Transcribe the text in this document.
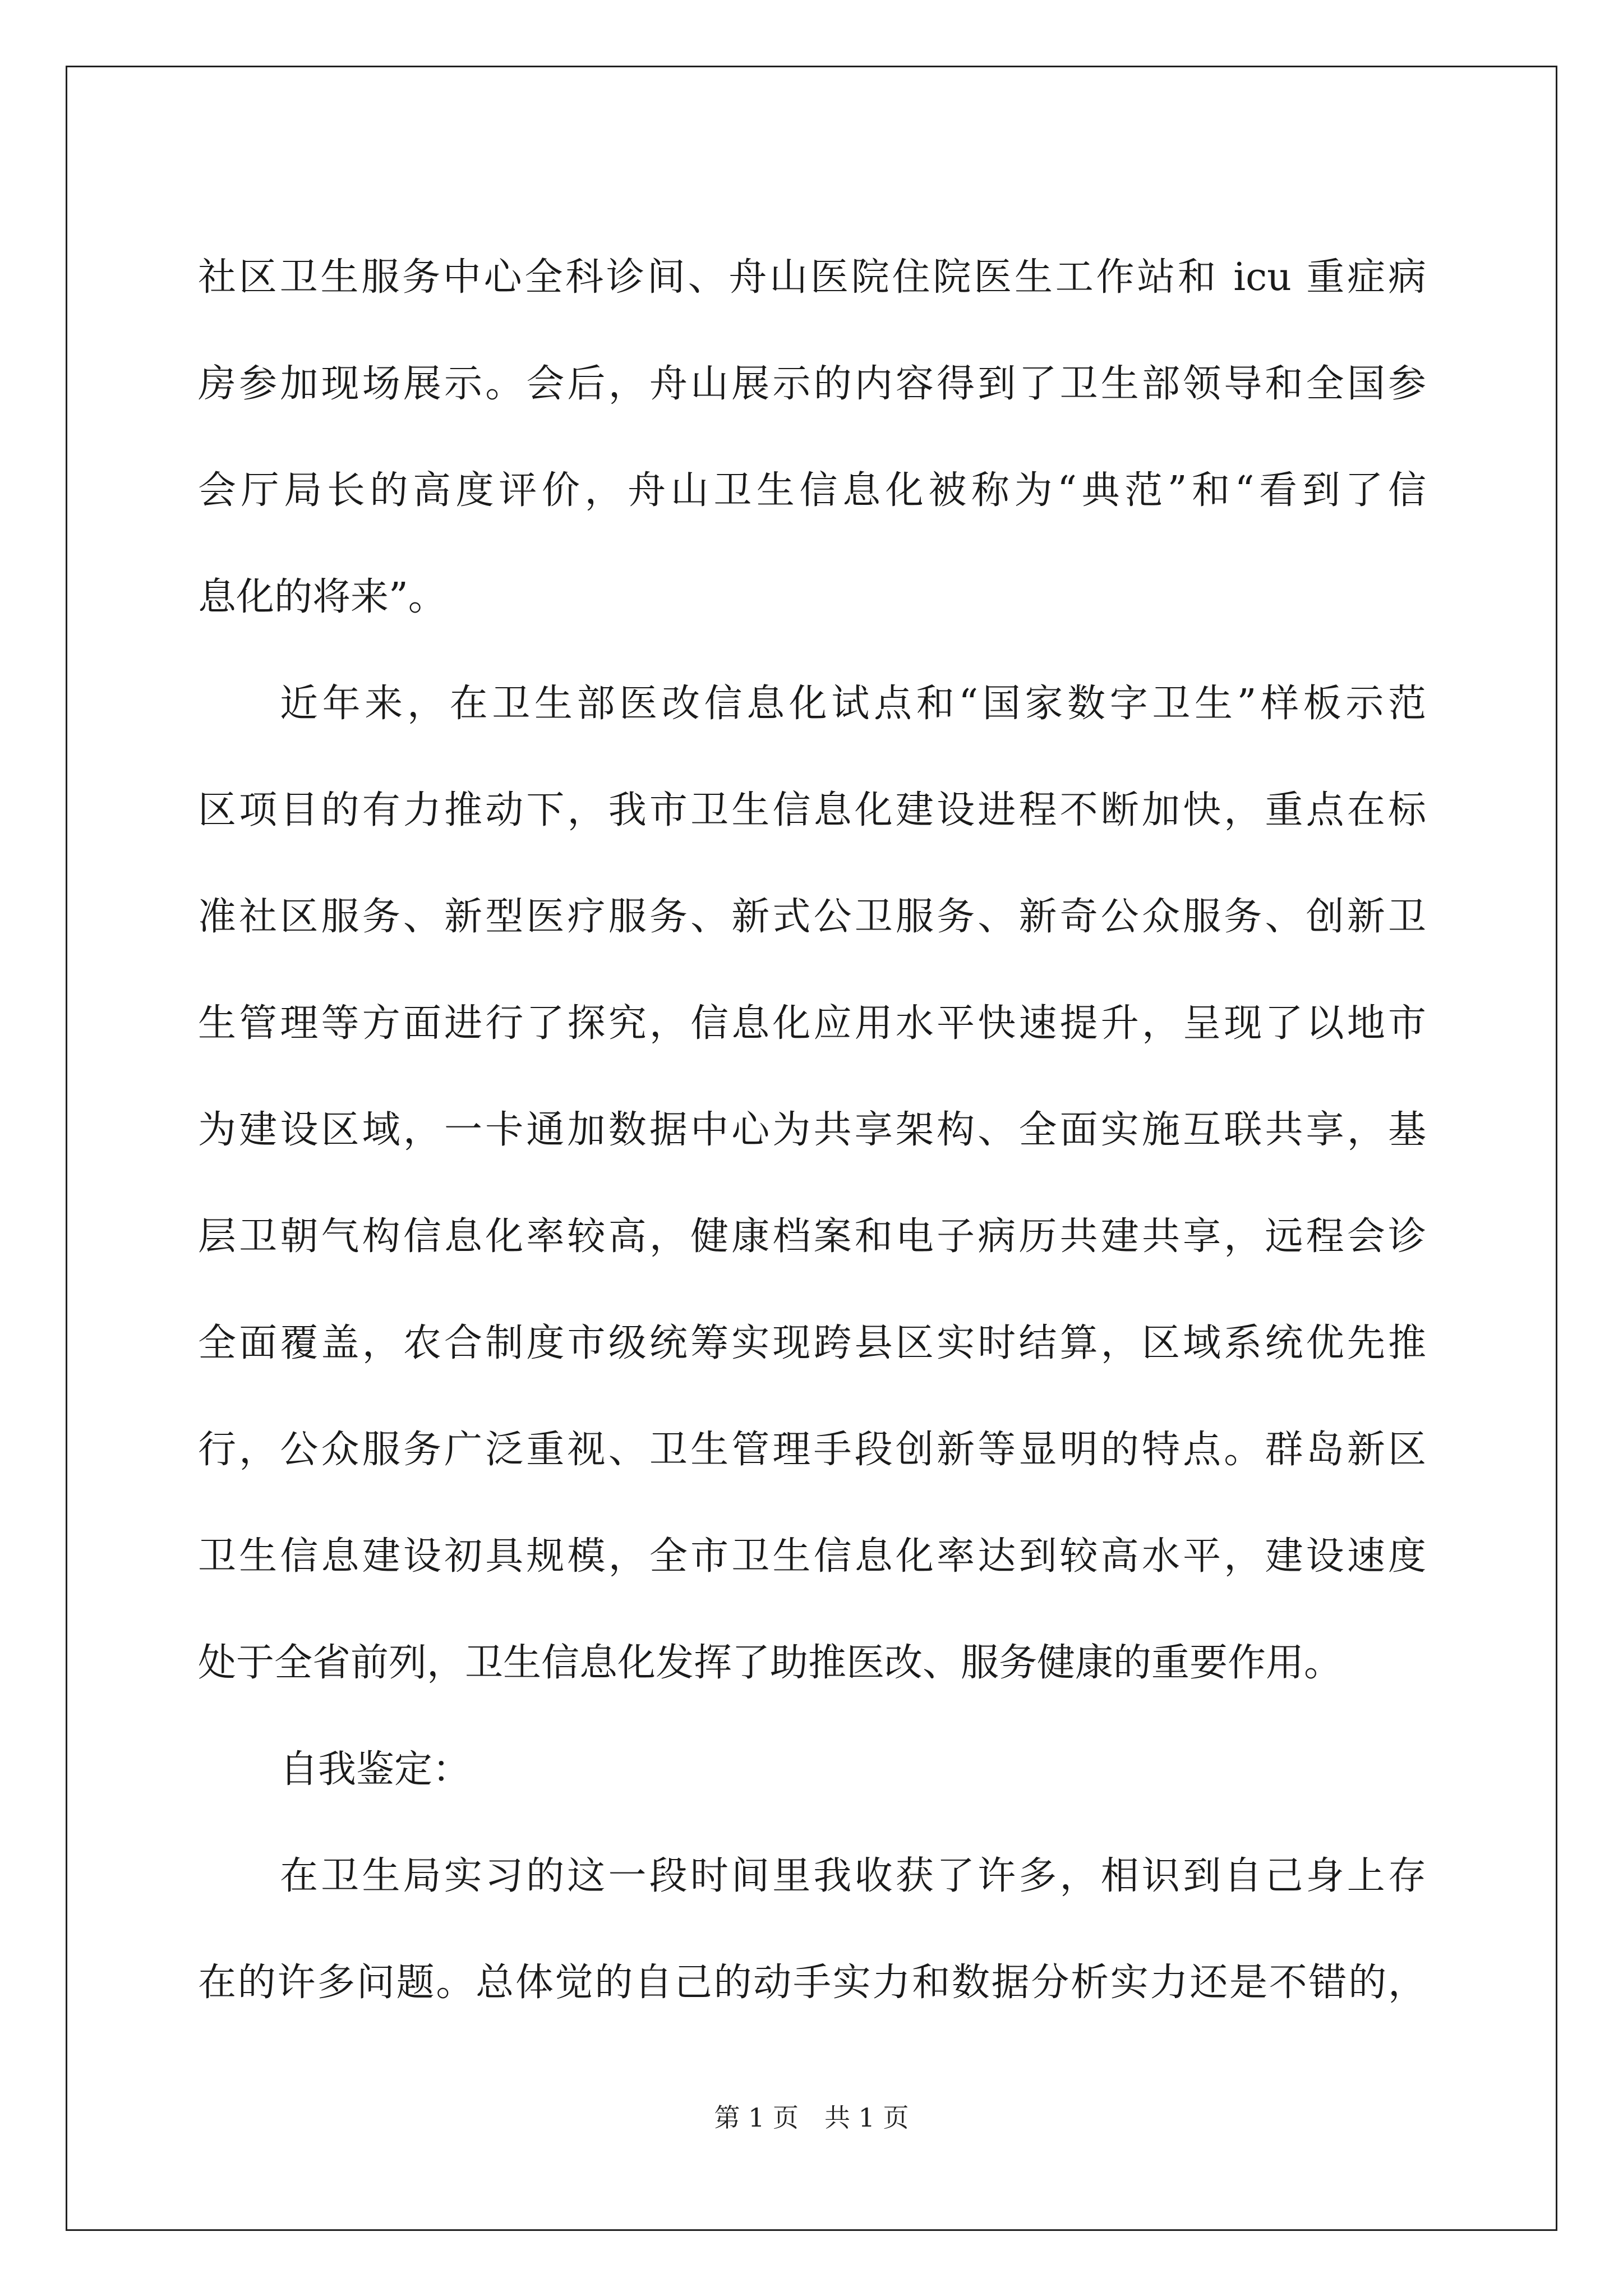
社区卫生服务中心全科诊间、舟山医院住院医生工作站和 icu 重症病
房参加现场展示。会后，舟山展示的内容得到了卫生部领导和全国参
会厅局长的高度评价，舟山卫生信息化被称为“典范”和“看到了信
息化的将来”。
近年来，在卫生部医改信息化试点和“国家数字卫生”样板示范
区项目的有力推动下，我市卫生信息化建设进程不断加快，重点在标
准社区服务、新型医疗服务、新式公卫服务、新奇公众服务、创新卫
生管理等方面进行了探究，信息化应用水平快速提升，呈现了以地市
为建设区域，一卡通加数据中心为共享架构、全面实施互联共享，基
层卫朝气构信息化率较高，健康档案和电子病历共建共享，远程会诊
全面覆盖，农合制度市级统筹实现跨县区实时结算，区域系统优先推
行，公众服务广泛重视、卫生管理手段创新等显明的特点。群岛新区
卫生信息建设初具规模，全市卫生信息化率达到较高水平，建设速度
处于全省前列，卫生信息化发挥了助推医改、服务健康的重要作用。
自我鉴定：
在卫生局实习的这一段时间里我收获了许多，相识到自己身上存
在的许多问题。总体觉的自己的动手实力和数据分析实力还是不错的，
第 1 页　共 1 页
